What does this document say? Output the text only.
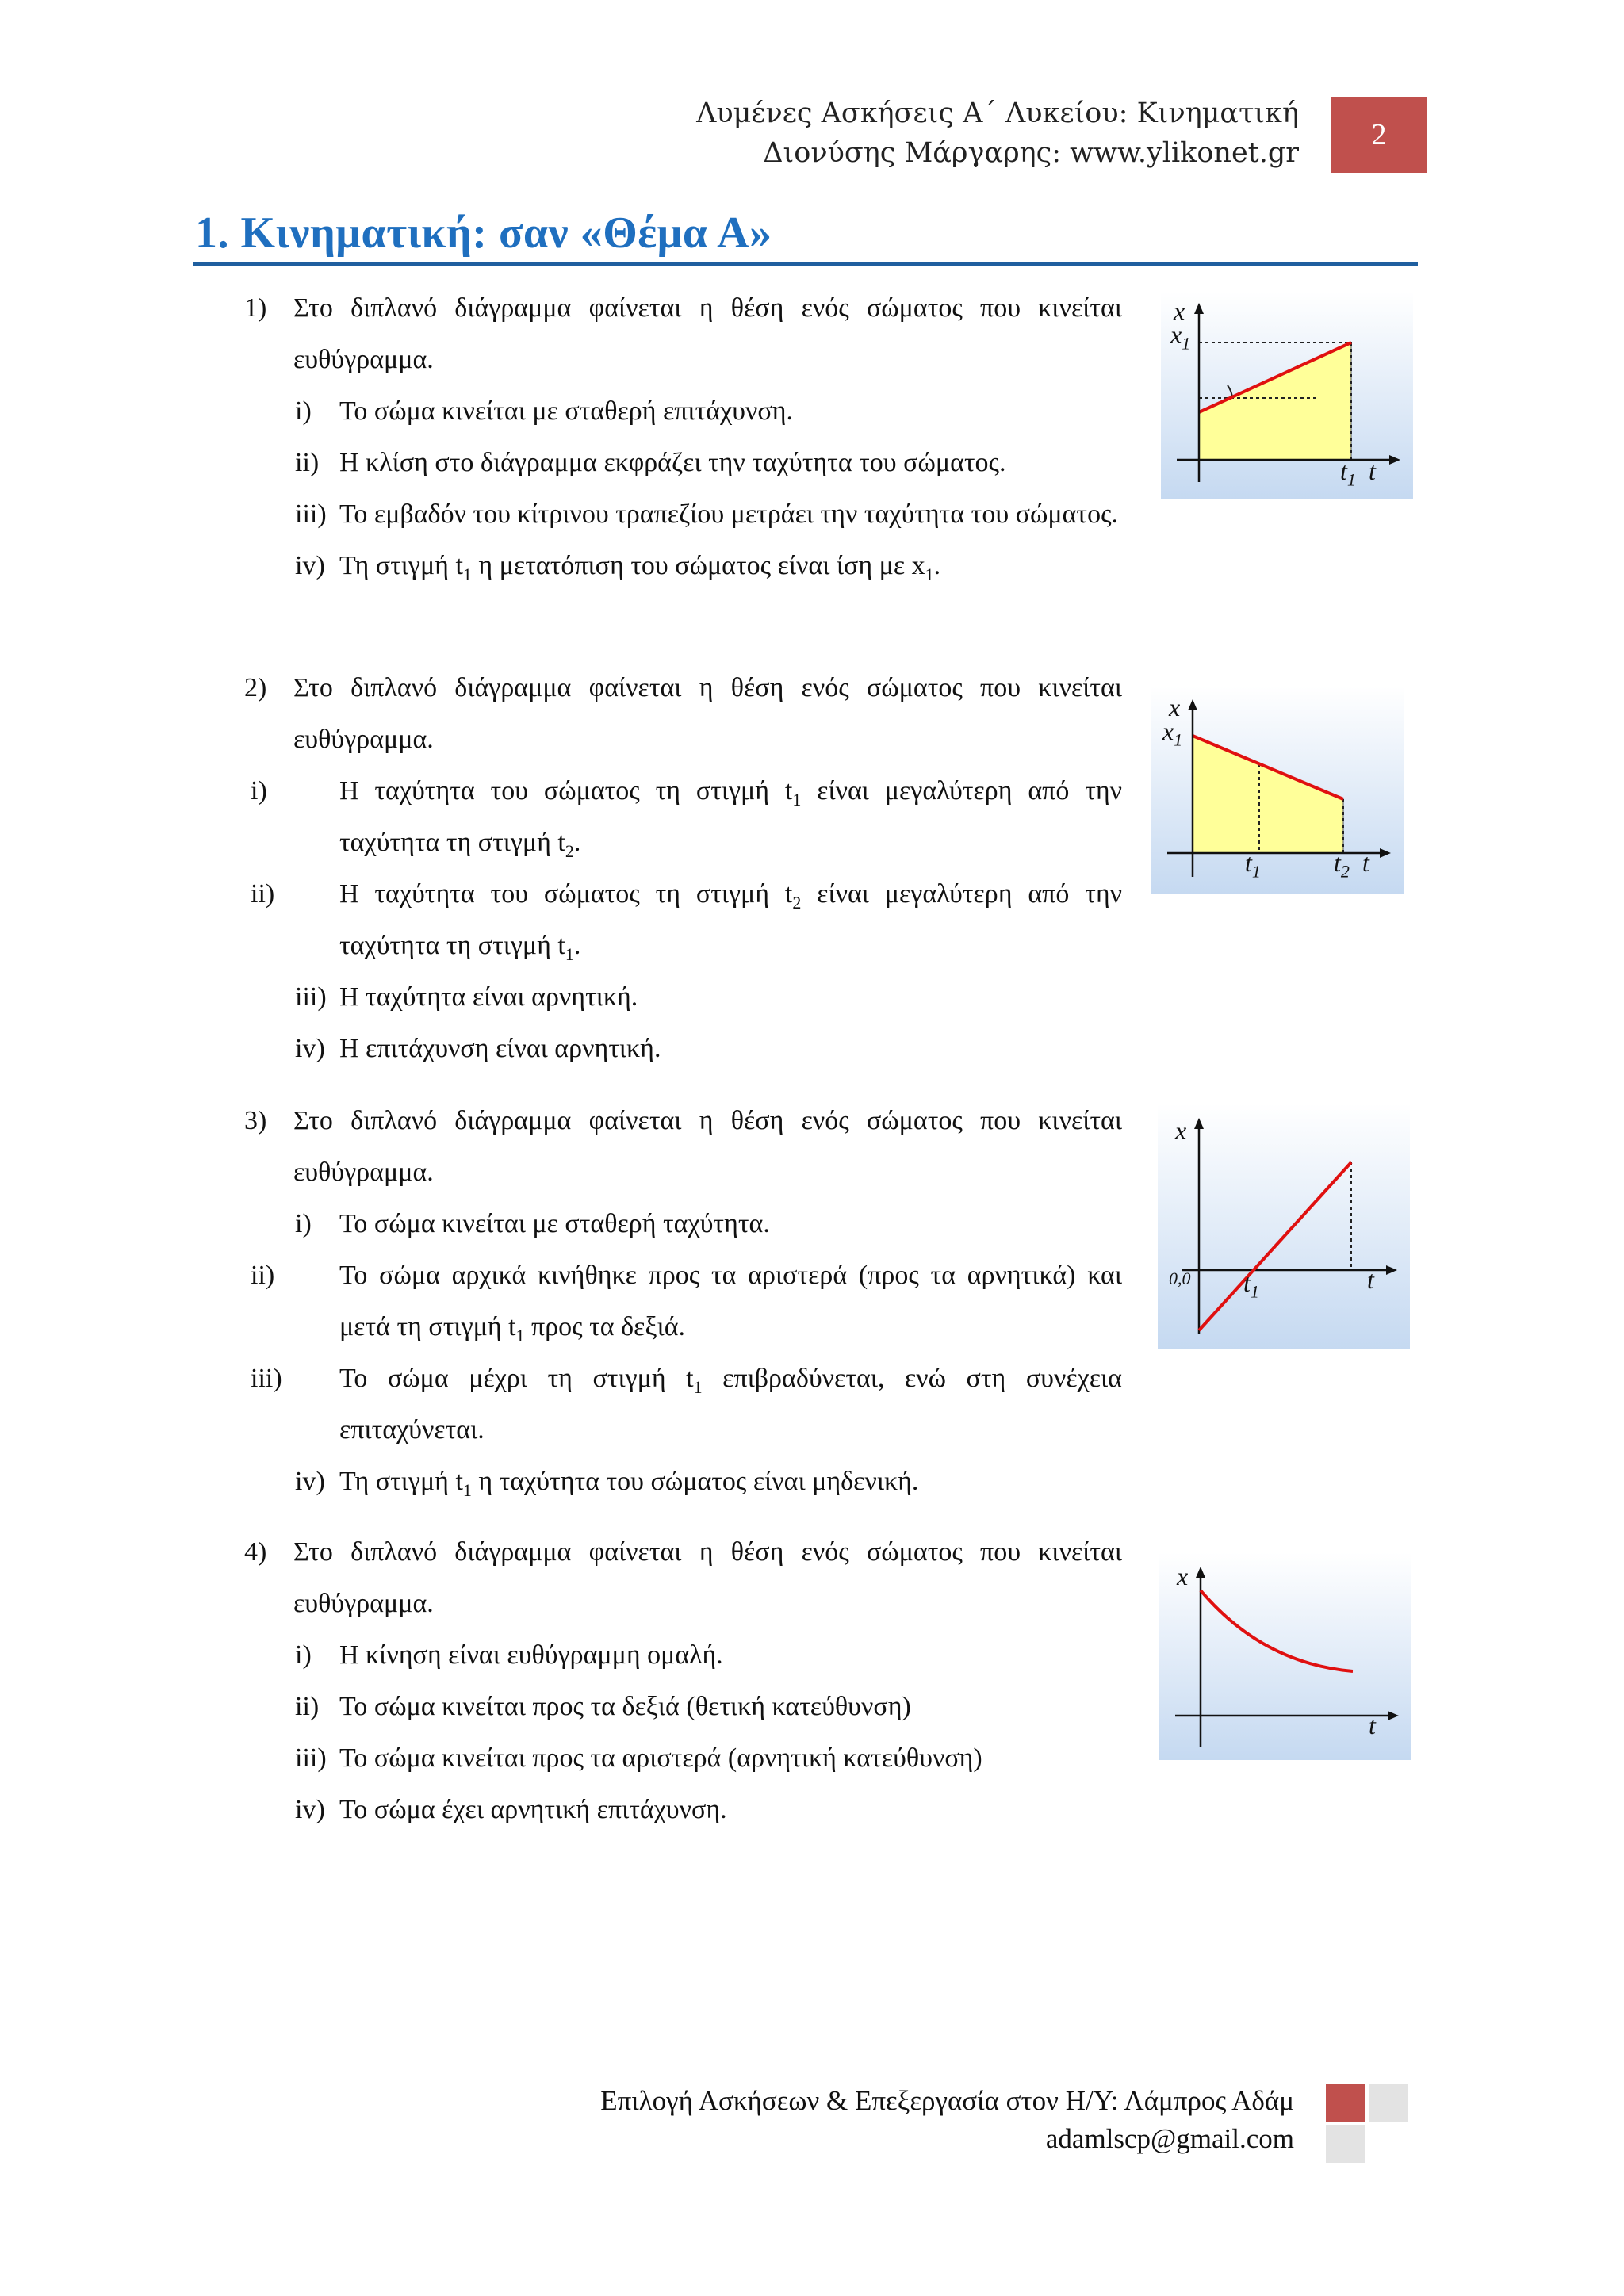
Λυμένες Ασκήσεις Α΄ Λυκείου: Κινηματική
Διονύσης Μάργαρης: www.ylikonet.gr
2
1. Κινηματική: σαν «Θέμα Α»
1) Στο διπλανό διάγραμμα φαίνεται η θέση ενός σώματος που κινείται ευθύγραμμα.
i) Το σώμα κινείται με σταθερή επιτάχυνση.
ii) Η κλίση στο διάγραμμα εκφράζει την ταχύτητα του σώματος.
iii) Το εμβαδόν του κίτρινου τραπεζίου μετράει την ταχύτητα του σώματος.
iv) Τη στιγμή $t_1$ η μετατόπιση του σώματος είναι ίση με $x_1$.
x
$x_1$
$t_1$ t
2) Στο διπλανό διάγραμμα φαίνεται η θέση ενός σώματος που κινείται ευθύγραμμα.
i)	Η ταχύτητα του σώματος τη στιγμή $t_1$ είναι μεγαλύτερη από την ταχύτητα τη στιγμή $t_2$.
ii) Η ταχύτητα του σώματος τη στιγμή $t_2$ είναι μεγαλύτερη από την ταχύτητα τη στιγμή $t_1$.
iii) Η ταχύτητα είναι αρνητική.
iv) Η επιτάχυνση είναι αρνητική.
x
$x_1$
$t_1$	$t_2$ t
3) Στο διπλανό διάγραμμα φαίνεται η θέση ενός σώματος που κινείται ευθύγραμμα.
i) Το σώμα κινείται με σταθερή ταχύτητα.
ii) Το σώμα αρχικά κινήθηκε προς τα αριστερά (προς τα αρνητικά) και μετά τη στιγμή $t_1$ προς τα δεξιά.
iii) Το σώμα μέχρι τη στιγμή $t_1$ επιβραδύνεται, ενώ στη συνέχεια επιταχύνεται.
iv) Τη στιγμή $t_1$ η ταχύτητα του σώματος είναι μηδενική.
x
0,0 $t_1$	t
4) Στο διπλανό διάγραμμα φαίνεται η θέση ενός σώματος που κινείται ευθύγραμμα.
i) Η κίνηση είναι ευθύγραμμη ομαλή.
ii) Το σώμα κινείται προς τα δεξιά (θετική κατεύθυνση)
iii) Το σώμα κινείται προς τα αριστερά (αρνητική κατεύθυνση)
iv) Το σώμα έχει αρνητική επιτάχυνση.
x
t
Επιλογή Ασκήσεων & Επεξεργασία στον Η/Υ: Λάμπρος Αδάμ
adamlscp@gmail.com
